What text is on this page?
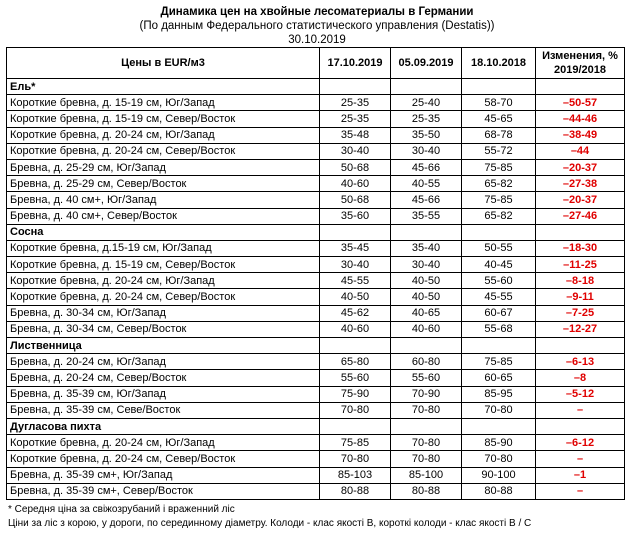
Динамика цен на хвойные лесоматериалы в Германии
(По данным Федерального статистического управления (Destatis))
30.10.2019
Цены в EUR/м3	17.10.2019	05.09.2019	18.10.2018	Изменения, % 2019/2018
Ель*				
Короткие бревна, д. 15-19 см, Юг/Запад	25-35	25-40	58-70	–50-57
Короткие бревна, д. 15-19 см, Север/Восток	25-35	25-35	45-65	–44-46
Короткие бревна, д. 20-24 см, Юг/Запад	35-48	35-50	68-78	–38-49
Короткие бревна, д. 20-24 см, Север/Восток	30-40	30-40	55-72	–44
Бревна, д. 25-29 см, Юг/Запад	50-68	45-66	75-85	–20-37
Бревна, д. 25-29 см, Север/Восток	40-60	40-55	65-82	–27-38
Бревна, д. 40 см+, Юг/Запад	50-68	45-66	75-85	–20-37
Бревна, д. 40 см+, Север/Восток	35-60	35-55	65-82	–27-46
Сосна				
Короткие бревна, д.15-19 см, Юг/Запад	35-45	35-40	50-55	–18-30
Короткие бревна, д. 15-19 см, Север/Восток	30-40	30-40	40-45	–11-25
Короткие бревна, д. 20-24 см, Юг/Запад	45-55	40-50	55-60	–8-18
Короткие бревна, д. 20-24 см, Север/Восток	40-50	40-50	45-55	–9-11
Бревна, д. 30-34 см, Юг/Запад	45-62	40-65	60-67	–7-25
Бревна, д. 30-34 см, Север/Восток	40-60	40-60	55-68	–12-27
Лиственница				
Бревна, д. 20-24 см, Юг/Запад	65-80	60-80	75-85	–6-13
Бревна, д. 20-24 см, Север/Восток	55-60	55-60	60-65	–8
Бревна, д. 35-39 см, Юг/Запад	75-90	70-90	85-95	–5-12
Бревна, д. 35-39 см, Севе/Восток	70-80	70-80	70-80	–
Дугласова пихта				
Короткие бревна, д. 20-24 см, Юг/Запад	75-85	70-80	85-90	–6-12
Короткие бревна, д. 20-24 см, Север/Восток	70-80	70-80	70-80	–
Бревна, д. 35-39 см+, Юг/Запад	85-103	85-100	90-100	–1
Бревна, д. 35-39 см+, Север/Восток	80-88	80-88	80-88	–

* Середня ціна за свіжозрубаний і враженний ліс

Ціни за ліс з корою, у дороги, по серединному діаметру. Колоди - клас якості B, короткі колоди - клас якості B / C
